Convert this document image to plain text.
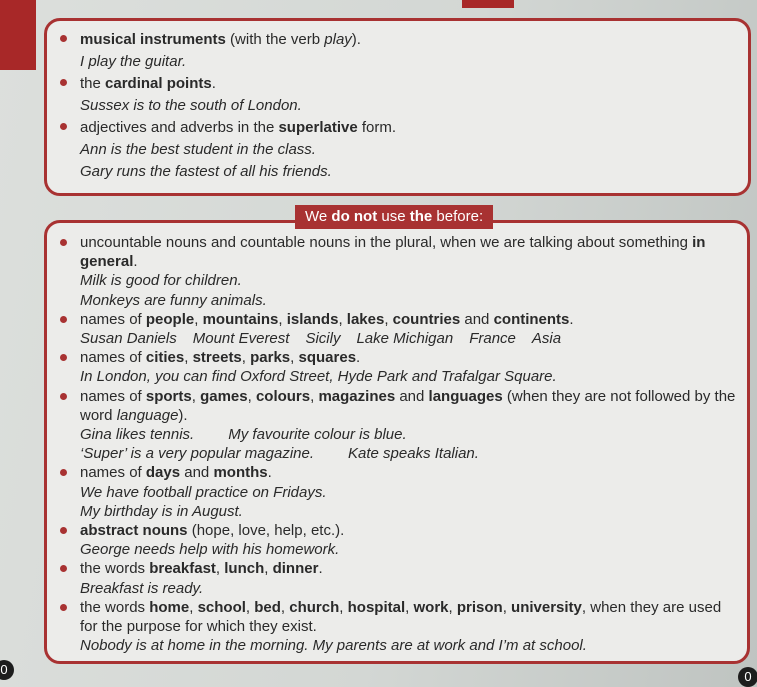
musical instruments (with the verb play).
I play the guitar.
the cardinal points.
Sussex is to the south of London.
adjectives and adverbs in the superlative form.
Ann is the best student in the class.
Gary runs the fastest of all his friends.
We do not use the before:
uncountable nouns and countable nouns in the plural, when we are talking about something in general.
Milk is good for children.
Monkeys are funny animals.
names of people, mountains, islands, lakes, countries and continents.
Susan Daniels Mount Everest Sicily Lake Michigan France Asia
names of cities, streets, parks, squares.
In London, you can find Oxford Street, Hyde Park and Trafalgar Square.
names of sports, games, colours, magazines and languages (when they are not followed by the word language).
Gina likes tennis. My favourite colour is blue.
‘Super’ is a very popular magazine. Kate speaks Italian.
names of days and months.
We have football practice on Fridays.
My birthday is in August.
abstract nouns (hope, love, help, etc.).
George needs help with his homework.
the words breakfast, lunch, dinner.
Breakfast is ready.
the words home, school, bed, church, hospital, work, prison, university, when they are used for the purpose for which they exist.
Nobody is at home in the morning. My parents are at work and I’m at school.
0	0
